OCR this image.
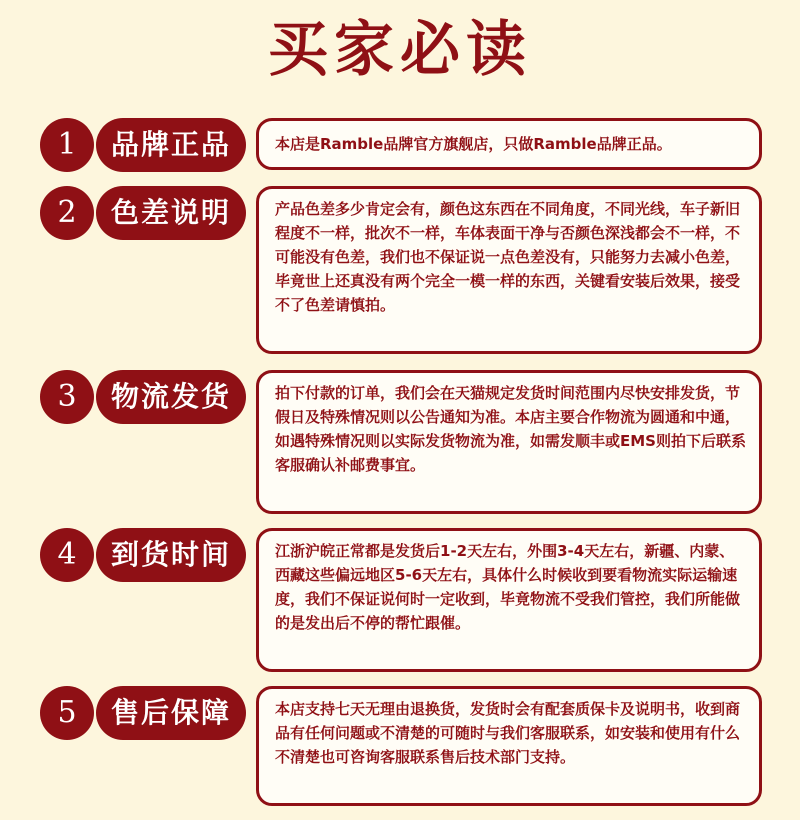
买家必读
1	品牌正品	本店是Ramble品牌官方旗舰店，只做Ramble品牌正品。
2	色差说明	产品色差多少肯定会有，颜色这东西在不同角度，不同光线，车子新旧程度不一样，批次不一样，车体表面干净与否颜色深浅都会不一样，不可能没有色差，我们也不保证说一点色差没有，只能努力去减小色差，毕竟世上还真没有两个完全一模一样的东西，关键看安装后效果，接受不了色差请慎拍。
3	物流发货	拍下付款的订单，我们会在天猫规定发货时间范围内尽快安排发货，节假日及特殊情况则以公告通知为准。本店主要合作物流为圆通和中通，如遇特殊情况则以实际发货物流为准，如需发顺丰或EMS则拍下后联系客服确认补邮费事宜。
4	到货时间	江浙沪皖正常都是发货后1-2天左右，外围3-4天左右，新疆、内蒙、西藏这些偏远地区5-6天左右，具体什么时候收到要看物流实际运输速度，我们不保证说何时一定收到，毕竟物流不受我们管控，我们所能做的是发出后不停的帮忙跟催。
5	售后保障	本店支持七天无理由退换货，发货时会有配套质保卡及说明书，收到商品有任何问题或不清楚的可随时与我们客服联系，如安装和使用有什么不清楚也可咨询客服联系售后技术部门支持。
